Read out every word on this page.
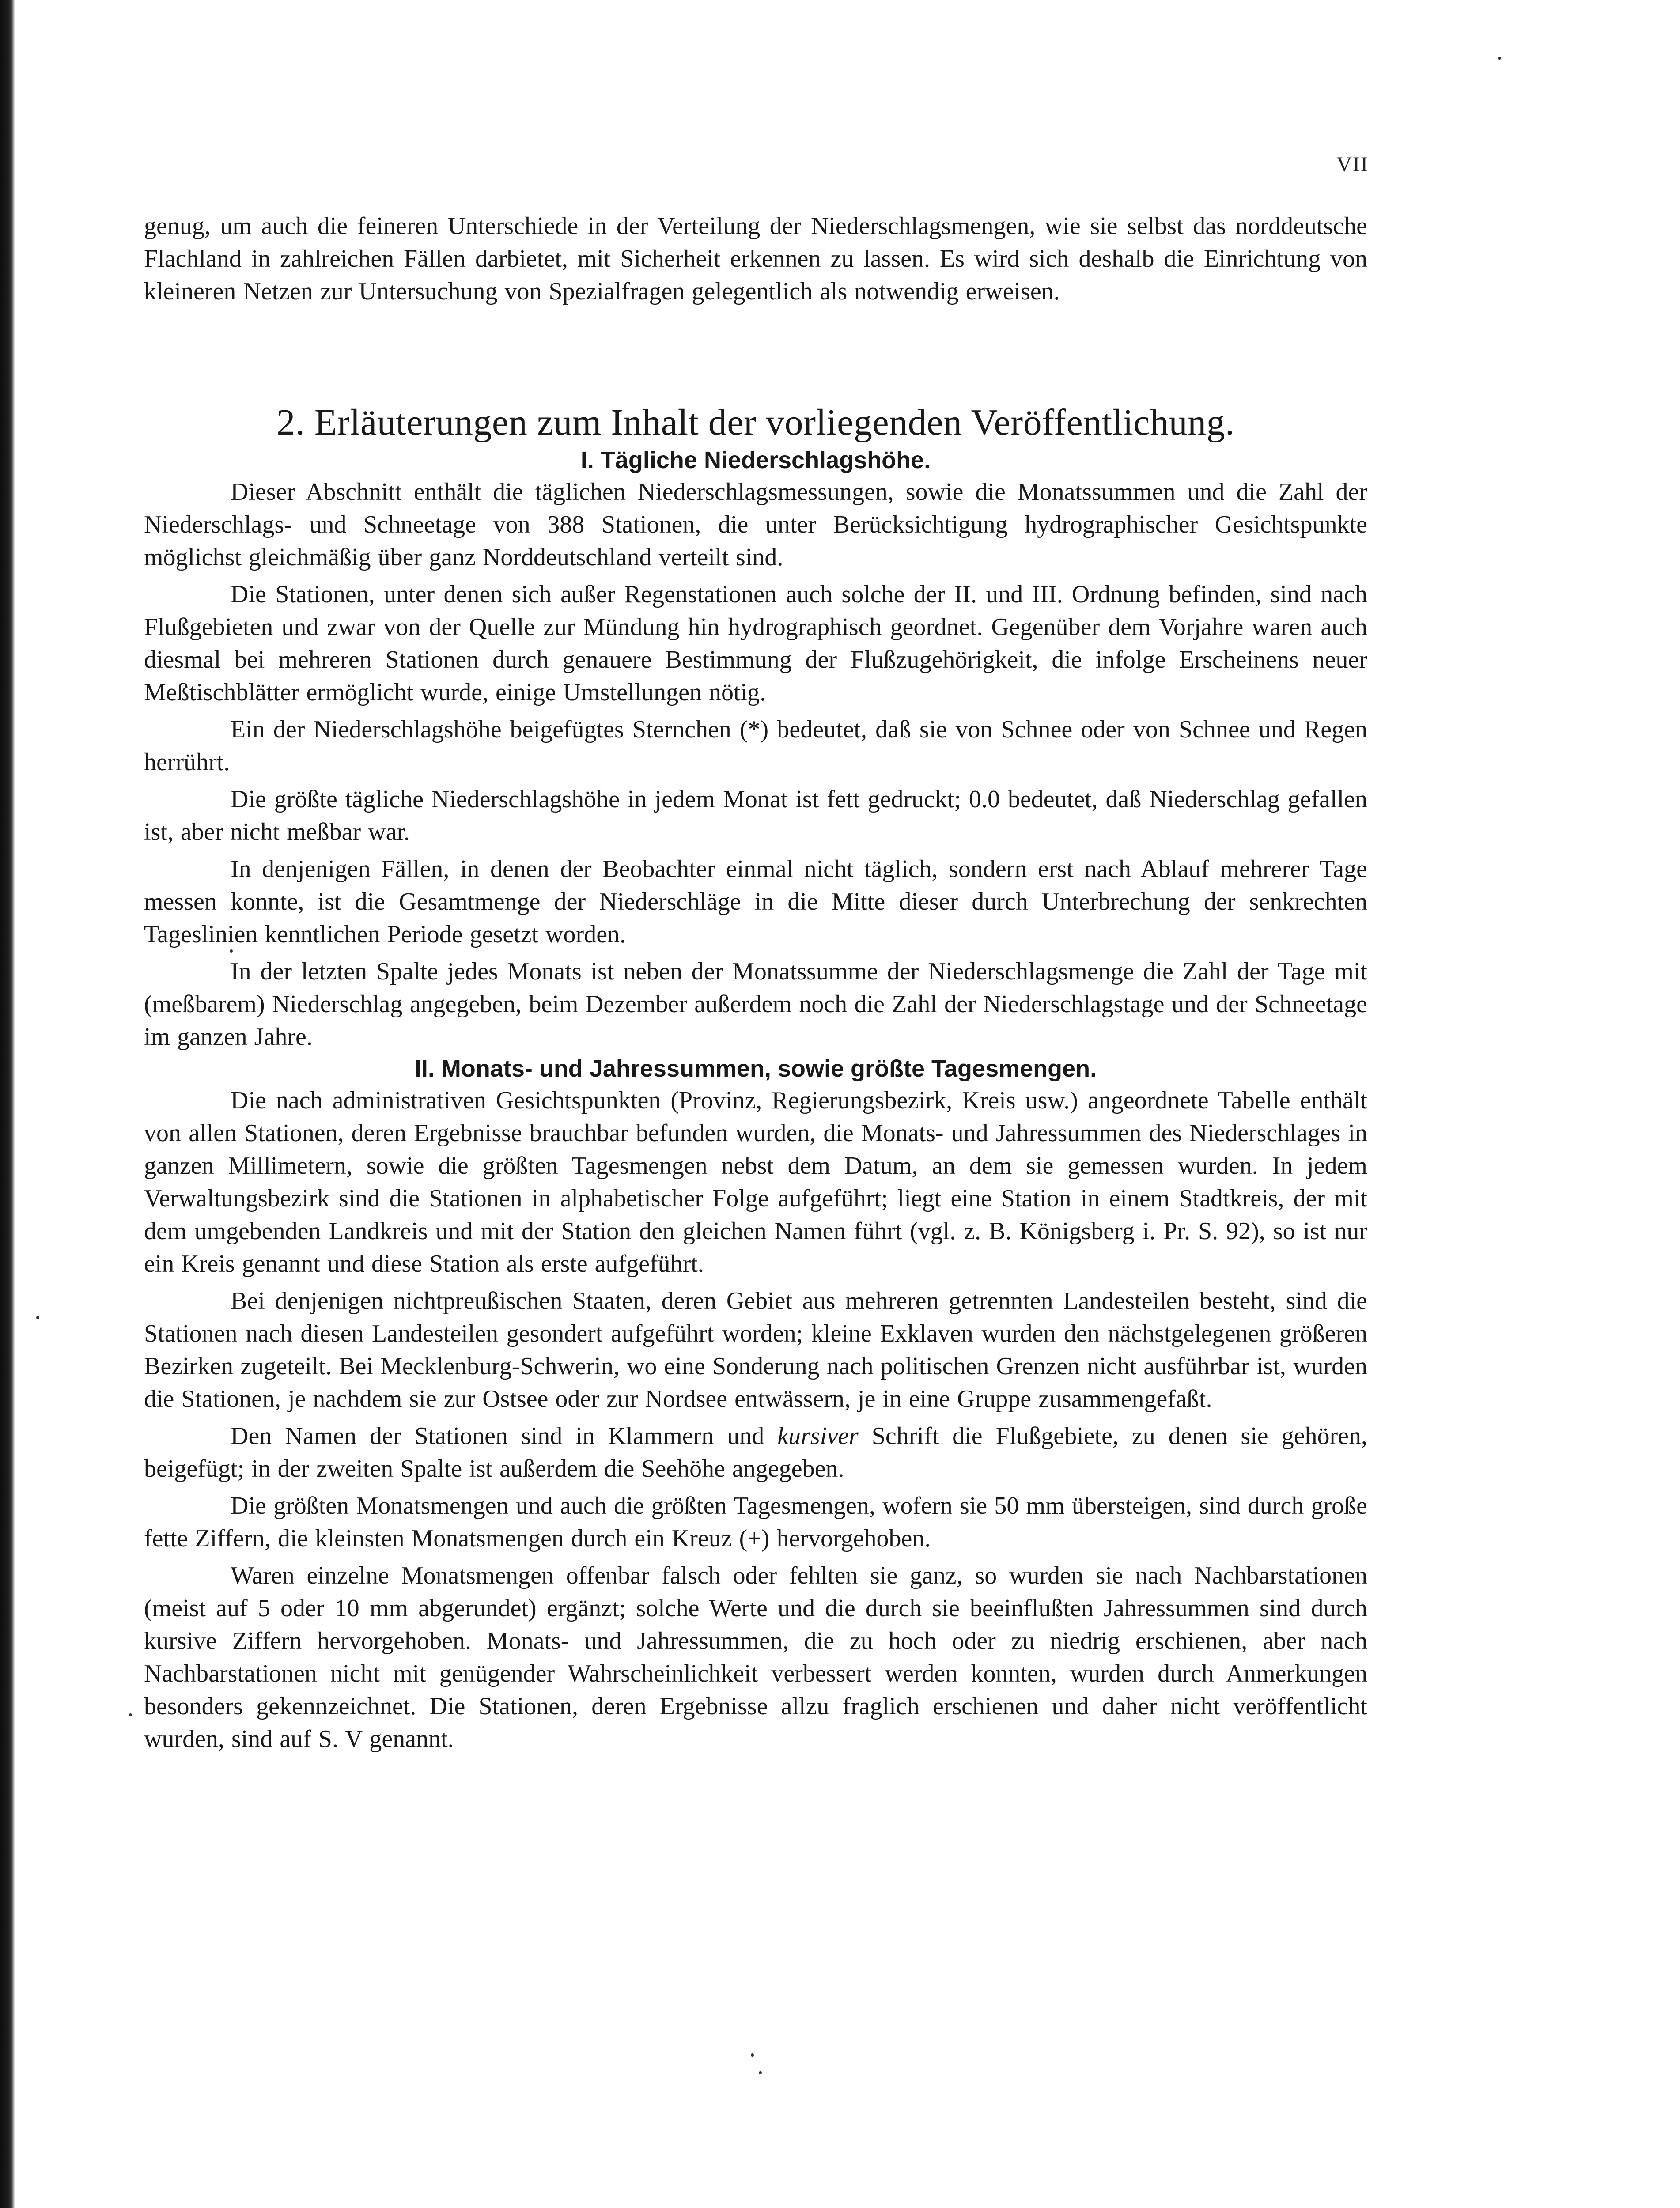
VII

genug, um auch die feineren Unterschiede in der Verteilung der Niederschlagsmengen, wie sie selbst das norddeutsche Flachland in zahlreichen Fällen darbietet, mit Sicherheit erkennen zu lassen. Es wird sich deshalb die Einrichtung von kleineren Netzen zur Untersuchung von Spezialfragen gelegentlich als notwendig erweisen.

2. Erläuterungen zum Inhalt der vorliegenden Veröffentlichung.
I. Tägliche Niederschlagshöhe.

Dieser Abschnitt enthält die täglichen Niederschlagsmessungen, sowie die Monatssummen und die Zahl der Niederschlags- und Schneetage von 388 Stationen, die unter Berücksichtigung hydrographischer Gesichtspunkte möglichst gleichmäßig über ganz Norddeutschland verteilt sind.

Die Stationen, unter denen sich außer Regenstationen auch solche der II. und III. Ordnung befinden, sind nach Flußgebieten und zwar von der Quelle zur Mündung hin hydrographisch geordnet. Gegenüber dem Vorjahre waren auch diesmal bei mehreren Stationen durch genauere Bestimmung der Flußzugehörigkeit, die infolge Erscheinens neuer Meßtischblätter ermöglicht wurde, einige Umstellungen nötig.

Ein der Niederschlagshöhe beigefügtes Sternchen (*) bedeutet, daß sie von Schnee oder von Schnee und Regen herrührt.

Die größte tägliche Niederschlagshöhe in jedem Monat ist fett gedruckt; 0.0 bedeutet, daß Niederschlag gefallen ist, aber nicht meßbar war.

In denjenigen Fällen, in denen der Beobachter einmal nicht täglich, sondern erst nach Ablauf mehrerer Tage messen konnte, ist die Gesamtmenge der Niederschläge in die Mitte dieser durch Unterbrechung der senkrechten Tageslinien kenntlichen Periode gesetzt worden.

In der letzten Spalte jedes Monats ist neben der Monatssumme der Niederschlagsmenge die Zahl der Tage mit (meßbarem) Niederschlag angegeben, beim Dezember außerdem noch die Zahl der Niederschlagstage und der Schneetage im ganzen Jahre.

II. Monats- und Jahressummen, sowie größte Tagesmengen.

Die nach administrativen Gesichtspunkten (Provinz, Regierungsbezirk, Kreis usw.) angeordnete Tabelle enthält von allen Stationen, deren Ergebnisse brauchbar befunden wurden, die Monats- und Jahressummen des Niederschlages in ganzen Millimetern, sowie die größten Tagesmengen nebst dem Datum, an dem sie gemessen wurden. In jedem Verwaltungsbezirk sind die Stationen in alphabetischer Folge aufgeführt; liegt eine Station in einem Stadtkreis, der mit dem umgebenden Landkreis und mit der Station den gleichen Namen führt (vgl. z. B. Königsberg i. Pr. S. 92), so ist nur ein Kreis genannt und diese Station als erste aufgeführt.

Bei denjenigen nichtpreußischen Staaten, deren Gebiet aus mehreren getrennten Landesteilen besteht, sind die Stationen nach diesen Landesteilen gesondert aufgeführt worden; kleine Exklaven wurden den nächstgelegenen größeren Bezirken zugeteilt. Bei Mecklenburg-Schwerin, wo eine Sonderung nach politischen Grenzen nicht ausführbar ist, wurden die Stationen, je nachdem sie zur Ostsee oder zur Nordsee entwässern, je in eine Gruppe zusammengefaßt.

Den Namen der Stationen sind in Klammern und kursiver Schrift die Flußgebiete, zu denen sie gehören, beigefügt; in der zweiten Spalte ist außerdem die Seehöhe angegeben.

Die größten Monatsmengen und auch die größten Tagesmengen, wofern sie 50 mm übersteigen, sind durch große fette Ziffern, die kleinsten Monatsmengen durch ein Kreuz (+) hervorgehoben.

Waren einzelne Monatsmengen offenbar falsch oder fehlten sie ganz, so wurden sie nach Nachbarstationen (meist auf 5 oder 10 mm abgerundet) ergänzt; solche Werte und die durch sie beeinflußten Jahressummen sind durch kursive Ziffern hervorgehoben. Monats- und Jahressummen, die zu hoch oder zu niedrig erschienen, aber nach Nachbarstationen nicht mit genügender Wahrscheinlichkeit verbessert werden konnten, wurden durch Anmerkungen besonders gekennzeichnet. Die Stationen, deren Ergebnisse allzu fraglich erschienen und daher nicht veröffentlicht wurden, sind auf S. V genannt.
